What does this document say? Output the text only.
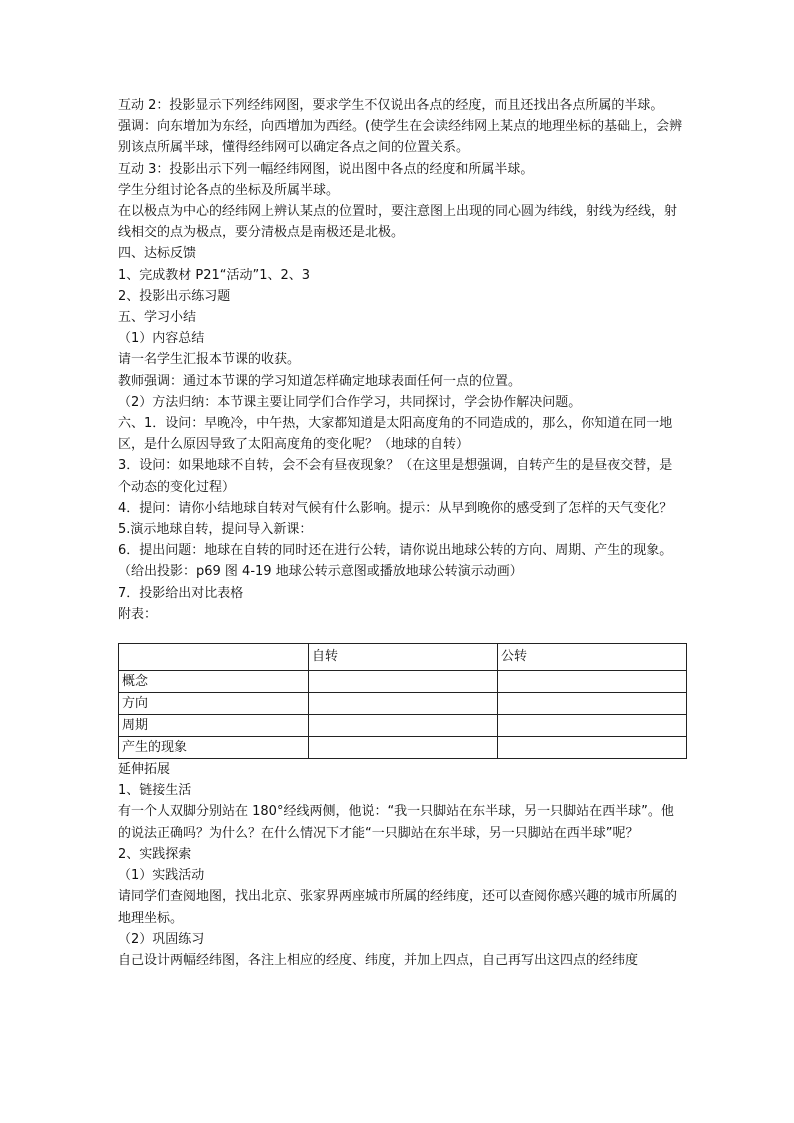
互动 2：投影显示下列经纬网图，要求学生不仅说出各点的经度，而且还找出各点所属的半球。

强调：向东增加为东经，向西增加为西经。(使学生在会读经纬网上某点的地理坐标的基础上，会辨别该点所属半球，懂得经纬网可以确定各点之间的位置关系。

互动 3：投影出示下列一幅经纬网图，说出图中各点的经度和所属半球。

学生分组讨论各点的坐标及所属半球。

在以极点为中心的经纬网上辨认某点的位置时，要注意图上出现的同心圆为纬线，射线为经线，射线相交的点为极点，要分清极点是南极还是北极。

四、达标反馈

1、完成教材 P21“活动”1、2、3

2、投影出示练习题

五、学习小结

（1）内容总结

请一名学生汇报本节课的收获。

教师强调：通过本节课的学习知道怎样确定地球表面任何一点的位置。

（2）方法归纳：本节课主要让同学们合作学习，共同探讨，学会协作解决问题。

六、1．设问：早晚冷，中午热，大家都知道是太阳高度角的不同造成的，那么，你知道在同一地区，是什么原因导致了太阳高度角的变化呢？（地球的自转）

3．设问：如果地球不自转，会不会有昼夜现象？（在这里是想强调，自转产生的是昼夜交替，是个动态的变化过程）

4．提问：请你小结地球自转对气候有什么影响。提示：从早到晚你的感受到了怎样的天气变化？

5.演示地球自转，提问导入新课：

6．提出问题：地球在自转的同时还在进行公转，请你说出地球公转的方向、周期、产生的现象。（给出投影：p69 图 4-19 地球公转示意图或播放地球公转演示动画）

7．投影给出对比表格

附表：

	自转	公转
概念		
方向		
周期		
产生的现象		

延伸拓展

1、链接生活

有一个人双脚分别站在 180°经线两侧，他说：“我一只脚站在东半球，另一只脚站在西半球”。他的说法正确吗？为什么？在什么情况下才能“一只脚站在东半球，另一只脚站在西半球”呢？

2、实践探索

（1）实践活动

请同学们查阅地图，找出北京、张家界两座城市所属的经纬度，还可以查阅你感兴趣的城市所属的地理坐标。

（2）巩固练习

自己设计两幅经纬图，各注上相应的经度、纬度，并加上四点，自己再写出这四点的经纬度
